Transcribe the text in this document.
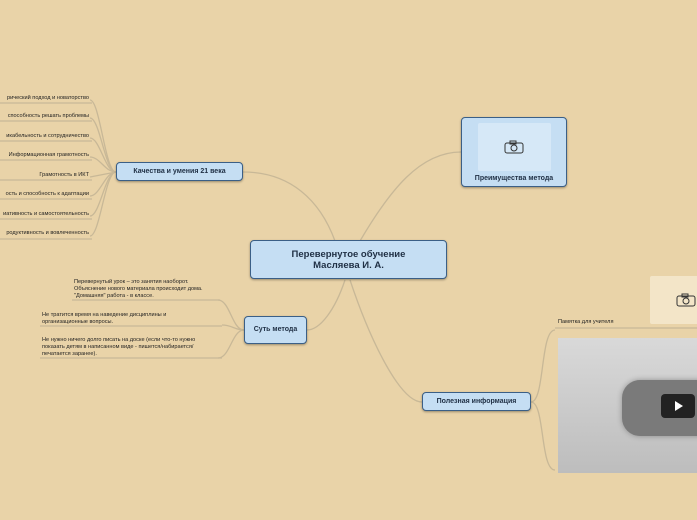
Перевернутое обучение Масляева И. А.
Качества и умения 21 века
рический подход и новаторство
способность решать проблемы
икабельность и сотрудничество
Информационная грамотность
Грамотность в ИКТ
ость и способность к адаптации
иативность и самостоятельность
родуктивность и вовлеченность
Суть метода
Перевернутый урок – это занятия наоборот. Объяснение нового материала происходит дома. "Домашняя" работа - в классе.
Не тратится время на наведение дисциплины и организационные вопросы.
Не нужно ничего долго писать на доске (если что-то нужно показать детям в написанном виде - пишется/набирается/печатается заранее).
Преимущества метода
Полезная информация
Памятка для учителя
